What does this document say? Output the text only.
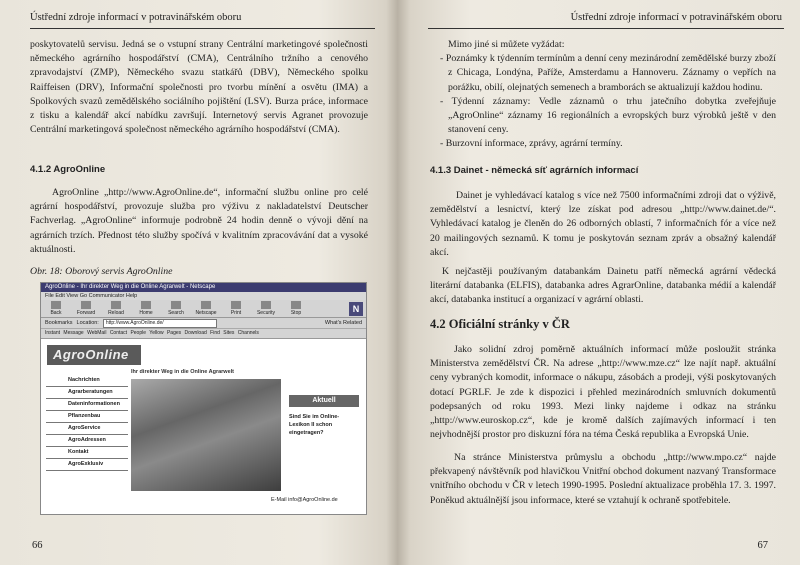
Ústřední zdroje informací v potravinářském oboru

poskytovatelů servisu. Jedná se o vstupní strany Centrální marketingové společnosti německého agrárního hospodářství (CMA), Centrálního tržního a cenového zpravodajství (ZMP), Německého svazu statkářů (DBV), Německého spolku Raiffeisen (DRV), Informační společnosti pro tvorbu mínění a osvětu (IMA) a Spolkových svazů zemědělského sociálního pojištění (LSV). Burza práce, informace z tisku a kalendář akcí nabídku završují. Internetový servis Agranet provozuje Centrální marketingová společnost německého agrárního hospodářství (CMA).

4.1.2 AgroOnline

AgroOnline „http://www.AgroOnline.de“, informační službu online pro celé agrární hospodářství, provozuje služba pro výživu z nakladatelství Deutscher Fachverlag. „AgroOnline“ informuje podrobně 24 hodin denně o vývoji dění na agrárních trzích. Přednost této služby spočívá v kvalitním zpracovávání dat a vysoké aktuálnosti.

Obr. 18: Oborový servis AgroOnline
AgroOnline - Ihr direkter Weg in die Online Agrarwelt - Netscape
File Edit View Go Communicator Help
Back	Forward	Reload	Home	Search	Netscape	Print	Security	Stop	N
Bookmarks Location:	http://www.AgroOnline.de/	What's Related
Instant Message WebMail Contact People Yellow Pages Download Find Sites Channels
AgroOnline
Ihr direkter Weg in die Online Agrarwelt
Nachrichten
Agrarberatungen
Dateninformationen
Pflanzenbau
AgroService
AgroAdressen
Kontakt
AgroExklusiv
Aktuell
Sind Sie im Online-Lexikon II schon eingetragen?
E-Mail info@AgroOnline.de
66
Ústřední zdroje informací v potravinářském oboru

Mimo jiné si můžete vyžádat:

- Poznámky k týdenním termínům a denní ceny mezinárodní zemědělské burzy zboží z Chicaga, Londýna, Paříže, Amsterdamu a Hannoveru. Záznamy o vepřích na porážku, obilí, olejnatých semenech a bramborách se aktualizují každou hodinu.
- Týdenní záznamy: Vedle záznamů o trhu jatečního dobytka zveřejňuje „AgroOnline“ záznamy 16 regionálních a evropských burz výrobků ještě v den stanovení ceny.
- Burzovní informace, zprávy, agrární termíny.
4.1.3 Dainet - německá síť agrárních informací

Dainet je vyhledávací katalog s více než 7500 informačními zdroji dat o výživě, zemědělství a lesnictví, který lze získat pod adresou „http://www.dainet.de/“. Vyhledávací katalog je členěn do 26 odborných oblastí, 7 informačních fór a více než 20 mailingových seznamů. K tomu je poskytován seznam zpráv a obsažný kalendář akcí.

K nejčastěji používaným databankám Dainetu patří německá agrární vědecká literární databanka (ELFIS), databanka adres AgrarOnline, databanka médií a kalendář akcí, databanka institucí a organizací v agrární oblasti.

4.2 Oficiální stránky v ČR

Jako solidní zdroj poměrně aktuálních informací může posloužit stránka Ministerstva zemědělství ČR. Na adrese „http://www.mze.cz“ lze najít např. aktuální ceny vybraných komodit, informace o nákupu, zásobách a prodeji, výši poskytovaných dotací PGRLF. Je zde k dispozici i přehled mezinárodních smluvních dokumentů podepsaných od roku 1993. Mezi linky najdeme i odkaz na stránku „http://www.euroskop.cz“, kde je kromě dalších zajímavých informací i ten nejvhodnější prostor pro diskuzní fóra na téma Česká republika a Evropská Unie.

Na stránce Ministerstva průmyslu a obchodu „http://www.mpo.cz“ najde překvapený návštěvník pod hlavičkou Vnitřní obchod dokument nazvaný Transformace vnitřního obchodu v ČR v letech 1990-1995. Poslední aktualizace proběhla 17. 3. 1997. Poněkud aktuálnější jsou informace, které se vztahují k ochraně spotřebitele.

67
